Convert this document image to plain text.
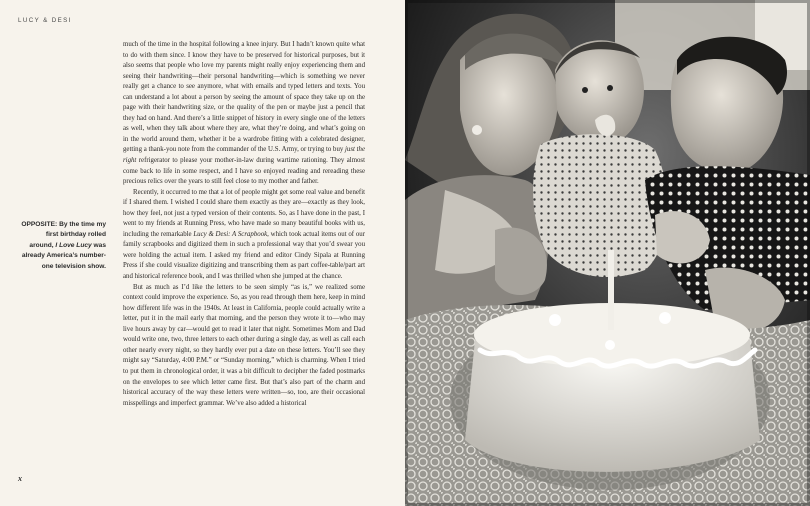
LUCY & DESI
OPPOSITE: By the time my first birthday rolled around, I Love Lucy was already America’s number-one television show.

much of the time in the hospital following a knee injury. But I hadn’t known quite what to do with them since. I know they have to be preserved for historical purposes, but it also seems that people who love my parents might really enjoy experiencing them and seeing their handwriting—their personal handwriting—which is something we never really get a chance to see anymore, what with emails and typed letters and texts. You can understand a lot about a person by seeing the amount of space they take up on the page with their handwriting size, or the quality of the pen or maybe just a pencil that they had on hand. And there’s a little snippet of history in every single one of the letters as well, when they talk about where they are, what they’re doing, and what’s going on in the world around them, whether it be a wardrobe fitting with a celebrated designer, getting a thank-you note from the commander of the U.S. Army, or trying to buy just the right refrigerator to please your mother-in-law during wartime rationing. They almost come back to life in some respect, and I have so enjoyed reading and rereading these precious relics over the years to still feel close to my mother and father.

Recently, it occurred to me that a lot of people might get some real value and benefit if I shared them. I wished I could share them exactly as they are—exactly as they look, how they feel, not just a typed version of their contents. So, as I have done in the past, I went to my friends at Running Press, who have made so many beautiful books with us, including the remarkable Lucy & Desi: A Scrapbook, which took actual items out of our family scrapbooks and digitized them in such a professional way that you’d swear you were holding the actual item. I asked my friend and editor Cindy Sipala at Running Press if she could visualize digitizing and transcribing them as part coffee-table/part art and historical reference book, and I was thrilled when she jumped at the chance.

But as much as I’d like the letters to be seen simply “as is,” we realized some context could improve the experience. So, as you read through them here, keep in mind how different life was in the 1940s. At least in California, people could actually write a letter, put it in the mail early that morning, and the person they wrote it to—who may live hours away by car—would get to read it later that night. Sometimes Mom and Dad would write one, two, three letters to each other during a single day, as well as call each other nearly every night, so they hardly ever put a date on these letters. You’ll see they might say “Saturday, 4:00 P.M.” or “Sunday morning,” which is charming. When I tried to put them in chronological order, it was a bit difficult to decipher the faded postmarks on the envelopes to see which letter came first. But that’s also part of the charm and historical accuracy of the way these letters were written—so, too, are their occasional misspellings and imperfect grammar. We’ve also added a historical

x
